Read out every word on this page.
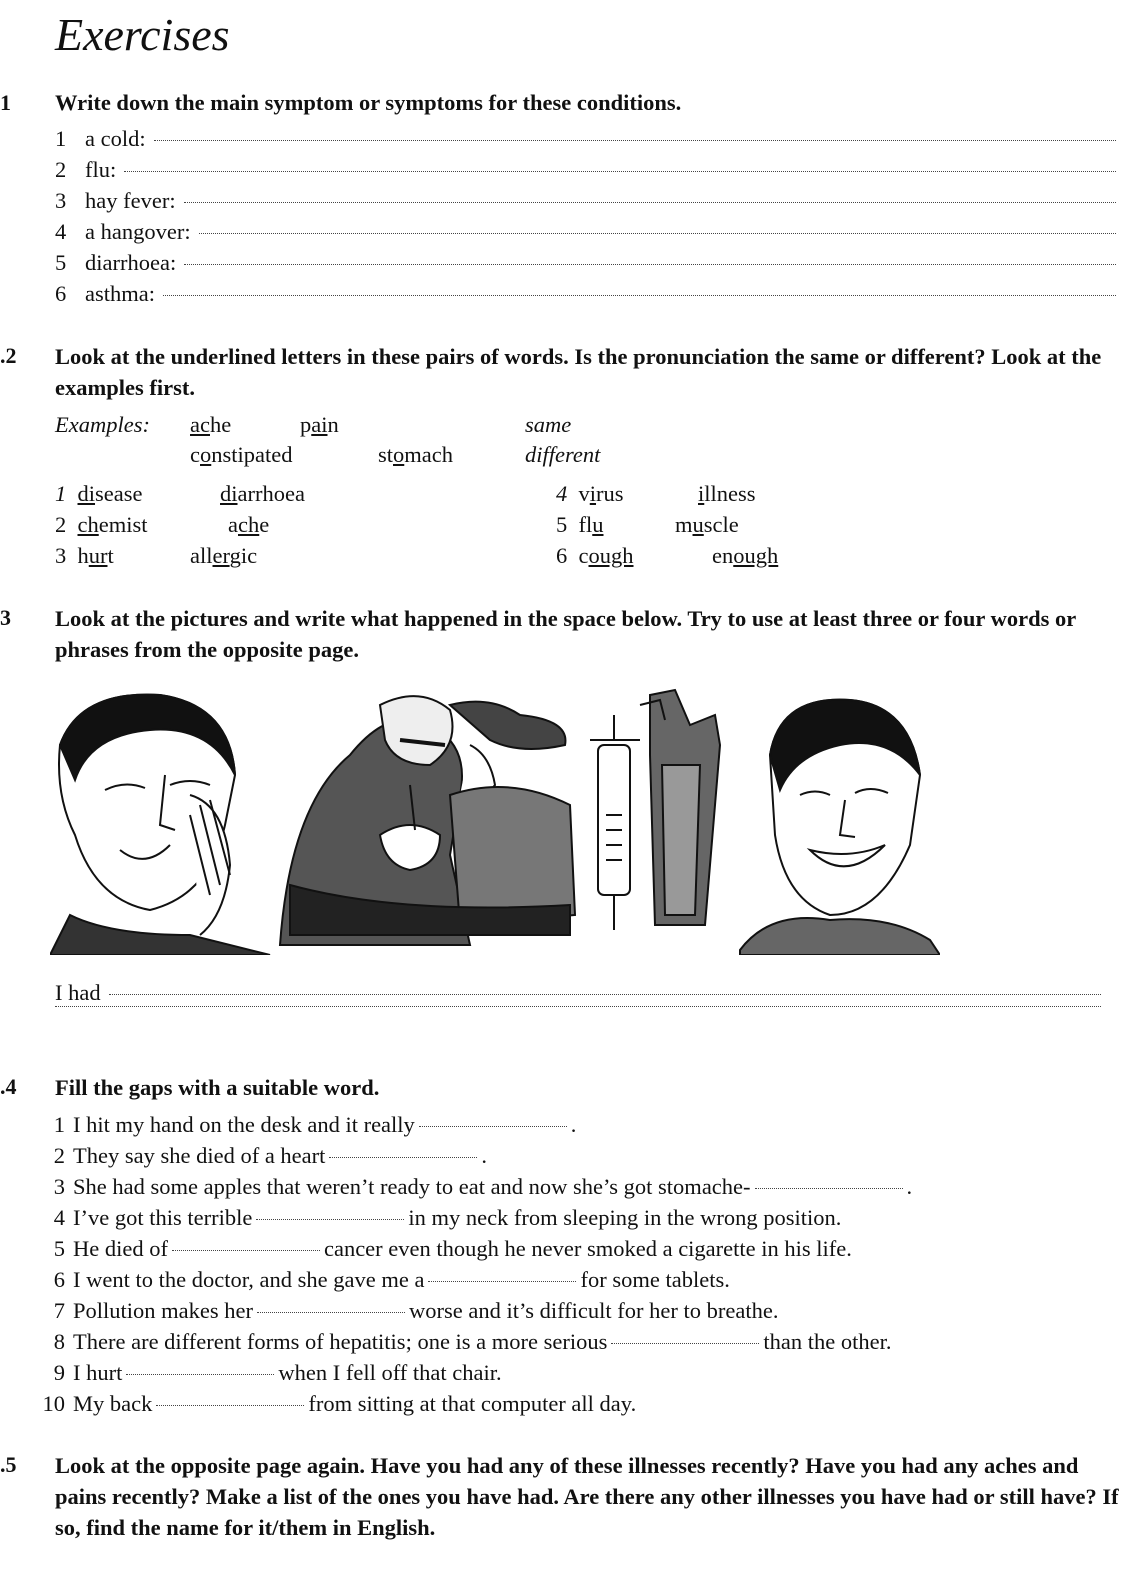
Exercises
1 Write down the main symptom or symptoms for these conditions.
1 a cold:
2 flu:
3 hay fever:
4 a hangover:
5 diarrhoea:
6 asthma:
.2 Look at the underlined letters in these pairs of words. Is the pronunciation the same or different? Look at the examples first.
Examples: ache	pain	same
constipated	stomach	different
1 disease	diarrhoea
2  chemist	ache
3  hurt	allergic
4  virus	illness
5  flu	muscle
6  cough	enough
3 Look at the pictures and write what happened in the space below. Try to use at least three or four words or phrases from the opposite page.
I had
.4 Fill the gaps with a suitable word.
1 I hit my hand on the desk and it really	.
2 They say she died of a heart	.
3 She had some apples that weren’t ready to eat and now she’s got stomache-	.
4 I’ve got this terrible	in my neck from sleeping in the wrong position.
5 He died of	cancer even though he never smoked a cigarette in his life.
6 I went to the doctor, and she gave me a	for some tablets.
7 Pollution makes her	worse and it’s difficult for her to breathe.
8 There are different forms of hepatitis; one is a more serious	than the other.
9 I hurt	when I fell off that chair.
10 My back	from sitting at that computer all day.
.5 Look at the opposite page again. Have you had any of these illnesses recently? Have you had any aches and pains recently? Make a list of the ones you have had. Are there any other illnesses you have had or still have? If so, find the name for it/them in English.
